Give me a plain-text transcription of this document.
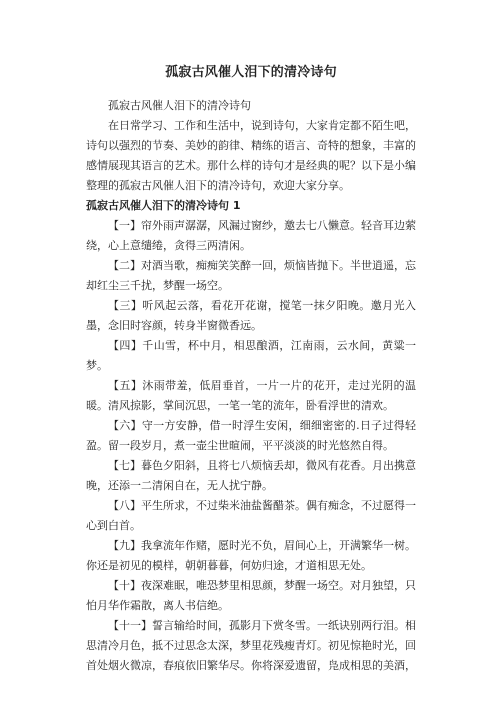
孤寂古风催人泪下的清冷诗句

孤寂古风催人泪下的清冷诗句

在日常学习、工作和生活中，说到诗句，大家肯定都不陌生吧，诗句以强烈的节奏、美妙的韵律、精练的语言、奇特的想象，丰富的感情展现其语言的艺术。那什么样的诗句才是经典的呢？以下是小编整理的孤寂古风催人泪下的清冷诗句，欢迎大家分享。

孤寂古风催人泪下的清冷诗句 1

【一】帘外雨声潺潺，风漏过窗纱，邀去七八懒意。轻音耳边萦绕，心上意缱绻，贪得三两清闲。

【二】对酒当歌，痴痴笑笑醉一回，烦恼皆抛下。半世逍遥，忘却红尘三千扰，梦醒一场空。

【三】听风起云落，看花开花谢，搅笔一抹夕阳晚。邀月光入墨，念旧时容颜，转身半窗微香远。

【四】千山雪，杯中月，相思酿酒，江南雨，云水间，黄粱一梦。

【五】沐雨带羞，低眉垂首，一片一片的花开，走过光阴的温暖。清风掠影，掌间沉思，一笔一笔的流年，卧看浮世的清欢。

【六】守一方安静，借一时浮生安闲，细细密密的.日子过得轻盈。留一段岁月，煮一壶尘世暄闹，平平淡淡的时光悠然自得。

【七】暮色夕阳斜，且将七八烦恼丢却，微风有花香。月出携意晚，还添一二清闲自在，无人扰宁静。

【八】平生所求，不过柴米油盐酱醋茶。偶有痴念，不过愿得一心到白首。

【九】我拿流年作赌，愿时光不负，眉间心上，开满繁华一树。你还是初见的模样，朝朝暮暮，何妨归途，才道相思无处。

【十】夜深难眠，唯恐梦里相思颜，梦醒一场空。对月独望，只怕月华作霜散，离人书信绝。

【十一】誓言输给时间，孤影月下赏冬雪。一纸诀别两行泪。相思清冷月色，抵不过思念太深，梦里花残瘦青灯。初见惊艳时光，回首处烟火微凉，春痕依旧繁华尽。你将深爱遗留，凫成相思的美酒，
